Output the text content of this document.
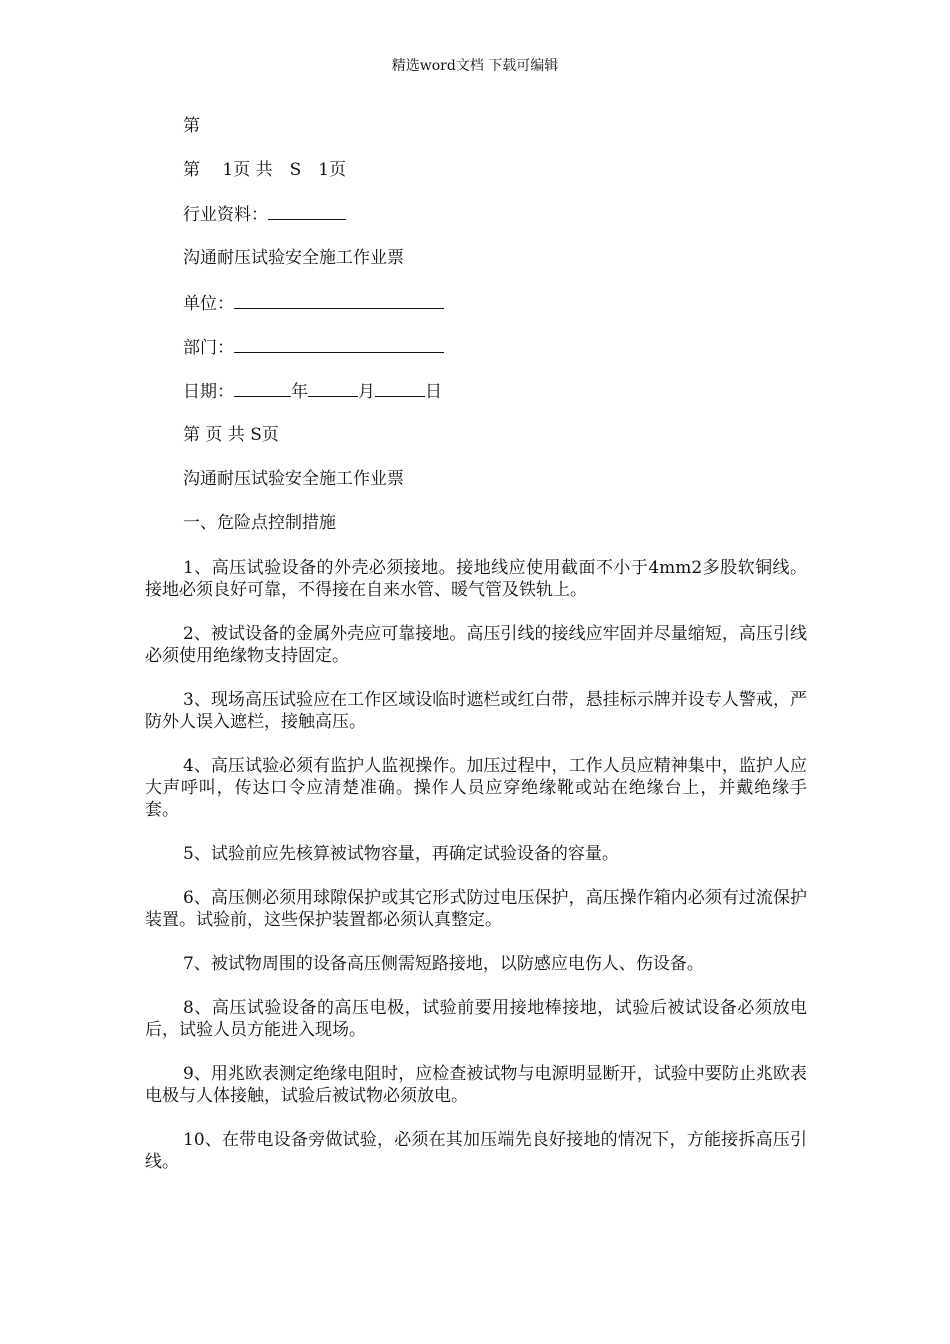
精选word文档 下载可编辑
第
第　 1页 共　S　1页
行业资料：
沟通耐压试验安全施工作业票
单位：
部门：
日期：	年	月	日
第 页 共 S页
沟通耐压试验安全施工作业票
一、危险点控制措施
1、高压试验设备的外壳必须接地。接地线应使用截面不小于4mm2多股软铜线。接地必须良好可靠，不得接在自来水管、暖气管及铁轨上。
2、被试设备的金属外壳应可靠接地。高压引线的接线应牢固并尽量缩短，高压引线必须使用绝缘物支持固定。
3、现场高压试验应在工作区域设临时遮栏或红白带，悬挂标示牌并设专人警戒，严防外人误入遮栏，接触高压。
4、高压试验必须有监护人监视操作。加压过程中，工作人员应精神集中，监护人应大声呼叫，传达口令应清楚准确。操作人员应穿绝缘靴或站在绝缘台上，并戴绝缘手套。
5、试验前应先核算被试物容量，再确定试验设备的容量。
6、高压侧必须用球隙保护或其它形式防过电压保护，高压操作箱内必须有过流保护装置。试验前，这些保护装置都必须认真整定。
7、被试物周围的设备高压侧需短路接地，以防感应电伤人、伤设备。
8、高压试验设备的高压电极，试验前要用接地棒接地，试验后被试设备必须放电后，试验人员方能进入现场。
9、用兆欧表测定绝缘电阻时，应检查被试物与电源明显断开，试验中要防止兆欧表电极与人体接触，试验后被试物必须放电。
10、在带电设备旁做试验，必须在其加压端先良好接地的情况下，方能接拆高压引线。
